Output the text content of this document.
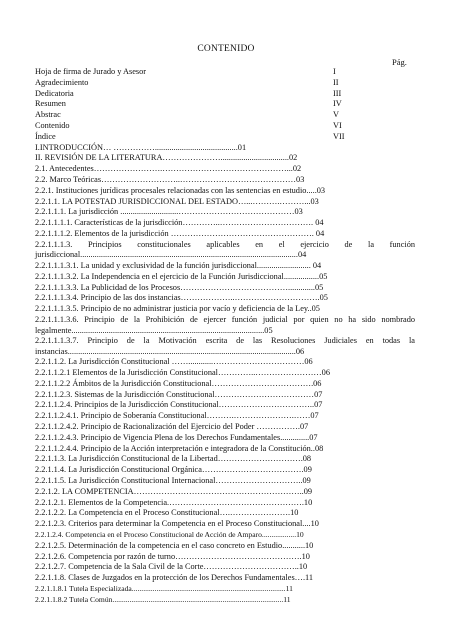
CONTENIDO
Pág.
Hoja de firma de Jurado y Asesor	I
Agradecimiento	II
Dedicatoria	III
Resumen	IV
Abstrac	V
Contenido	VI
Índice	VII
I.INTRODUCCIÓN… ……………........................................01
II. REVISIÓN DE LA LITERATURA………………….................................02
2.1. Antecedentes…………………….………………………………………...02
2.2. Marco Teóricas………………………..……………………………………03
2.2.1. Instituciones jurídicas procesales relacionadas con las sentencias en estudio.....03
2.2.1.1. LA POTESTAD JURISDICCIONAL DEL ESTADO…...……….………...03
2.2.1.1.1. La jurisdicción ............................……………………………………03
2.2.1.1.1.1. Características de la jurisdicción…………..……………………………. 04
2.2.1.1.1.2. Elementos de la jurisdicción ……………………………………………. 04
2.2.1.1.1.3. Principios constitucionales aplicables en el ejercicio de la función jurisdiccional.........................................................................................................04
2.2.1.1.1.3.1. La unidad y exclusividad de la función jurisdiccional.......................... 04
2.2.1.1.1.3.2. La Independencia en el ejercicio de la Función Jurisdiccional.................05
2.2.1.1.1.3.3. La Publicidad de los Procesos………………………………….............05
2.2.1.1.1.3.4. Principio de las dos instancias………………..………………………….05
2.2.1.1.1.3.5. Principio de no administrar justicia por vacío y deficiencia de la Ley..05
2.2.1.1.1.3.6. Principio de la Prohibición de ejercer función judicial por quien no ha sido nombrado legalmente.............................................................................................05
2.2.1.1.1.3.7. Principio de la Motivación escrita de las Resoluciones Judiciales en todas la instancias..............................................................................................................06
2.2.1.1.2. La Jurisdicción Constitucional ……............……………………………06
2.2.1.1.2.1 Elementos de la Jurisdicción Constitucional…………..……………………06
2.2.1.1.2.2 Ámbitos de la Jurisdicción Constitucional……………………………….06
2.2.1.1.2.3. Sistemas de la Jurisdicción Constitucional………………………………07
2.2.1.1.2.4. Principios de la Jurisdicción Constitucional……………………………..07
2.2.1.1.2.4.1. Principio de Soberanía Constitucional……….………………….……07
2.2.1.1.2.4.2. Principio de Racionalización del Ejercicio del Poder …………….07
2.2.1.1.2.4.3. Principio de Vigencia Plena de los Derechos Fundamentales..............07
2.2.1.1.2.4.4. Principio de la Acción interpretación e integradora de la Constitución..08
2.2.1.1.3. La Jurisdicción Constitucional de la Libertad………………………….08
2.2.1.1.4. La Jurisdicción Constitucional Orgánica……………………………….09
2.2.1.1.5. La Jurisdicción Constitucional Internacional…………………………..09
2.2.1.2. LA COMPETENCIA……………………………………………………..09
2.2.1.2.1. Elementos de la Competencia.………………………………………….10
2.2.1.2.2. La Competencia en el Proceso Constitucional….………………….10
2.2.1.2.3. Criterios para determinar la Competencia en el Proceso Constitucional....10
2.2.1.2.4. Competencia en el Proceso Constitucional de Acción de Amparo..................10
2.2.1.2.5. Determinación de la competencia en el caso concreto en Estudio...........10
2.2.1.2.6. Competencia por razón de turno……………………………………….10
2.2.1.2.7. Competencia de la Sala Civil de la Corte……………………………..10
2.2.1.1.8. Clases de Juzgados en la protección de los Derechos Fundamentales….11
2.2.1.1.8.1 Tutela Especializada.................................................................................11
2.2.1.1.8.2 Tutela Común..........................................................................................11
